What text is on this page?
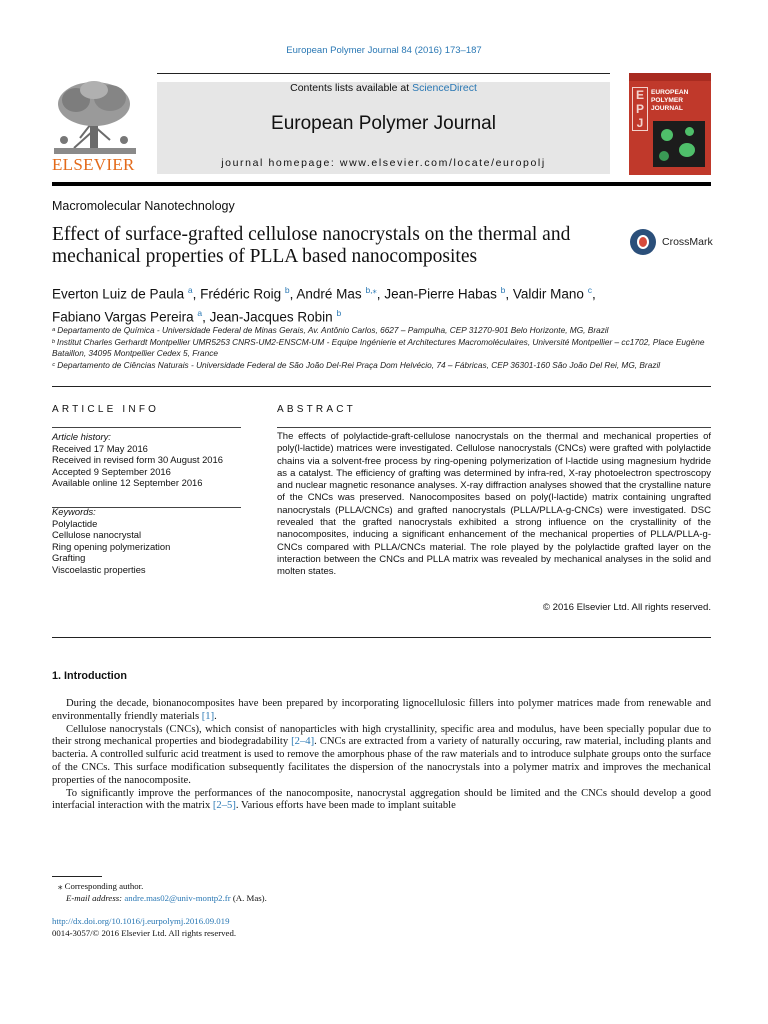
European Polymer Journal 84 (2016) 173–187
Contents lists available at ScienceDirect
European Polymer Journal
journal homepage: www.elsevier.com/locate/europolj
ELSEVIER
E
P
J
EUROPEAN
POLYMER
JOURNAL
Macromolecular Nanotechnology
Effect of surface-grafted cellulose nanocrystals on the thermal and mechanical properties of PLLA based nanocomposites
CrossMark
Everton Luiz de Paula $^a$, Frédéric Roig $^b$, André Mas $^{b,⁎}$, Jean-Pierre Habas $^b$, Valdir Mano $^c$,
Fabiano Vargas Pereira $^a$, Jean-Jacques Robin $^b$

ᵃ Departamento de Química - Universidade Federal de Minas Gerais, Av. Antônio Carlos, 6627 – Pampulha, CEP 31270-901 Belo Horizonte, MG, Brazil

ᵇ Institut Charles Gerhardt Montpellier UMR5253 CNRS-UM2-ENSCM-UM - Equipe Ingénierie et Architectures Macromoléculaires, Université Montpellier – cc1702, Place Eugène Bataillon, 34095 Montpellier Cedex 5, France

ᶜ Departamento de Ciências Naturais - Universidade Federal de São João Del-Rei Praça Dom Helvécio, 74 – Fábricas, CEP 36301-160 São João Del Rei, MG, Brazil

ARTICLE INFO	ABSTRACT
Article history:
Received 17 May 2016
Received in revised form 30 August 2016
Accepted 9 September 2016
Available online 12 September 2016
Keywords:
Polylactide
Cellulose nanocrystal
Ring opening polymerization
Grafting
Viscoelastic properties
The effects of polylactide-graft-cellulose nanocrystals on the thermal and mechanical properties of poly(l-lactide) matrices were investigated. Cellulose nanocrystals (CNCs) were grafted with polylactide chains via a solvent-free process by ring-opening polymerization of l-lactide using magnesium hydride as a catalyst. The efficiency of grafting was determined by infra-red, X-ray photoelectron spectroscopy and nuclear magnetic resonance analyses. X-ray diffraction analyses showed that the crystalline nature of the CNCs was preserved. Nanocomposites based on poly(l-lactide) matrix containing ungrafted nanocrystals (PLLA/CNCs) and grafted nanocrystals (PLLA/PLLA-g-CNCs) were investigated. DSC revealed that the grafted nanocrystals exhibited a strong influence on the crystallinity of the nanocomposites, inducing a significant enhancement of the mechanical properties of PLLA/PLLA-g-CNCs compared with PLLA/CNCs material. The role played by the polylactide grafted layer on the interaction between the CNCs and PLLA matrix was revealed by mechanical analyses in the solid and molten states.
© 2016 Elsevier Ltd. All rights reserved.
1. Introduction

During the decade, bionanocomposites have been prepared by incorporating lignocellulosic fillers into polymer matrices made from renewable and environmentally friendly materials [1].

Cellulose nanocrystals (CNCs), which consist of nanoparticles with high crystallinity, specific area and modulus, have been specially popular due to their strong mechanical properties and biodegradability [2–4]. CNCs are extracted from a variety of naturally occuring, raw material, including plants and bacteria. A controlled sulfuric acid treatment is used to remove the amorphous phase of the raw materials and to introduce sulphate groups onto the surface of the CNCs. This surface modification subsequently facilitates the dispersion of the nanocrystals into a polymer matrix and improves the mechanical properties of the nanocomposite.

To significantly improve the performances of the nanocomposite, nanocrystal aggregation should be limited and the CNCs should develop a good interfacial interaction with the matrix [2–5]. Various efforts have been made to implant suitable

⁎ Corresponding author.
E-mail address: andre.mas02@univ-montp2.fr (A. Mas).
http://dx.doi.org/10.1016/j.eurpolymj.2016.09.019
0014-3057/© 2016 Elsevier Ltd. All rights reserved.
